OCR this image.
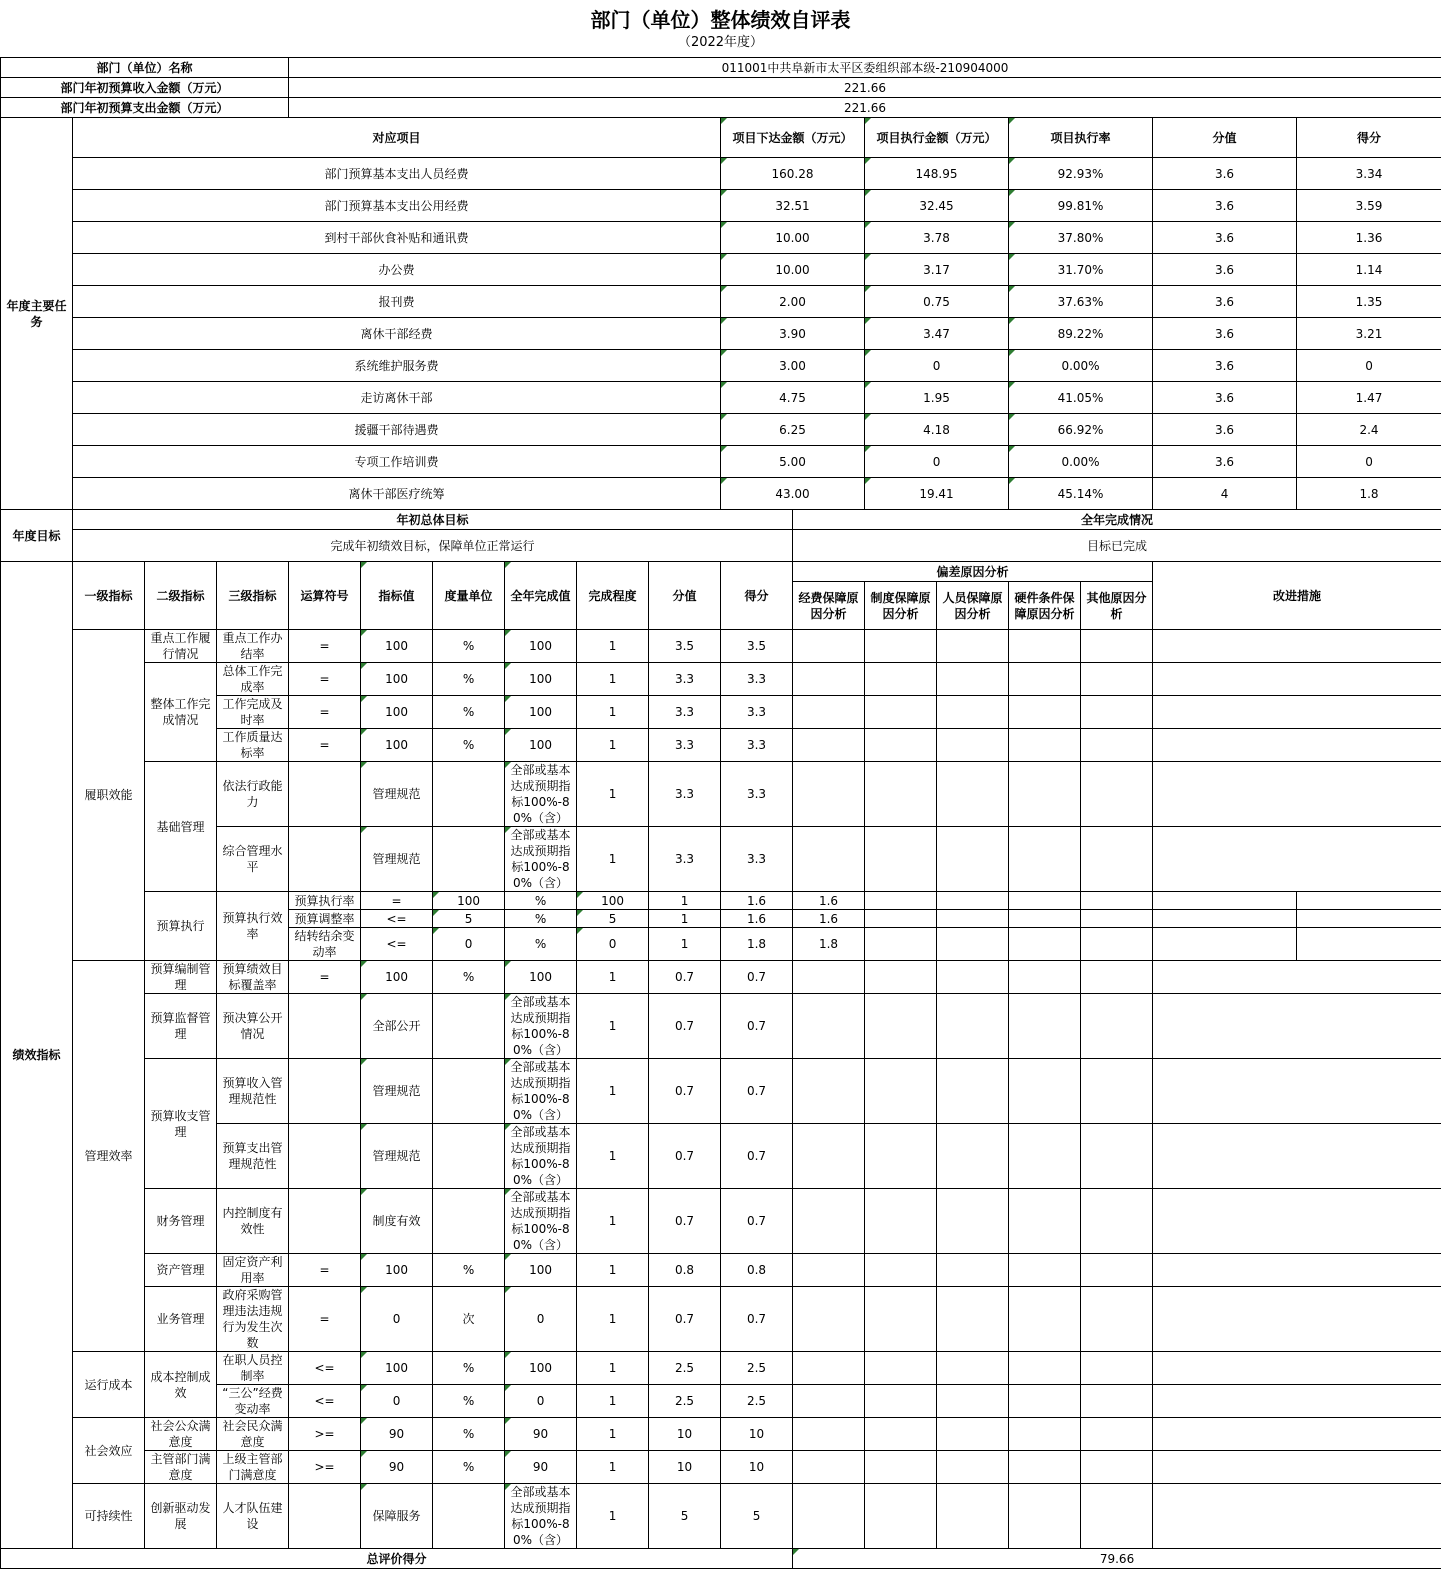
部门（单位）整体绩效自评表
（2022年度）
部门（单位）名称				011001中共阜新市太平区委组织部本级-210904000													
部门年初预算收入金额（万元）				221.66													
部门年初预算支出金额（万元）				221.66													
年度主要任务	对应项目									项目下达金额（万元）		项目执行金额（万元）		项目执行率		分值	得分
	部门预算基本支出人员经费									160.28		148.95		92.93%		3.6	3.34
	部门预算基本支出公用经费									32.51		32.45		99.81%		3.6	3.59
	到村干部伙食补贴和通讯费									10.00		3.78		37.80%		3.6	1.36
	办公费									10.00		3.17		31.70%		3.6	1.14
	报刊费									2.00		0.75		37.63%		3.6	1.35
	离休干部经费									3.90		3.47		89.22%		3.6	3.21
	系统维护服务费									3.00		0		0.00%		3.6	0
	走访离休干部									4.75		1.95		41.05%		3.6	1.47
	援疆干部待遇费									6.25		4.18		66.92%		3.6	2.4
	专项工作培训费									5.00		0		0.00%		3.6	0
	离休干部医疗统筹									43.00		19.41		45.14%		4	1.8
年度目标	年初总体目标										全年完成情况						
	完成年初绩效目标，保障单位正常运行										目标已完成						
绩效指标	一级指标	二级指标	三级指标	运算符号	指标值	度量单位	全年完成值	完成程度	分值	得分	偏差原因分析					改进措施	
											经费保障原因分析	制度保障原因分析	人员保障原因分析	硬件条件保障原因分析	其他原因分析		
	履职效能	重点工作履行情况	重点工作办结率	=	100	%	100	1	3.5	3.5							
		整体工作完成情况	总体工作完成率	=	100	%	100	1	3.3	3.3							
			工作完成及时率	=	100	%	100	1	3.3	3.3							
			工作质量达标率	=	100	%	100	1	3.3	3.3							
		基础管理	依法行政能力		管理规范		全部或基本达成预期指标100%-80%（含）	1	3.3	3.3							
			综合管理水平		管理规范		全部或基本达成预期指标100%-80%（含）	1	3.3	3.3							
		预算执行	预算执行效率	预算执行率	=	100	%	100	1	1.6	1.6						
				预算调整率	<=	5	%	5	1	1.6	1.6						
				结转结余变动率	<=	0	%	0	1	1.8	1.8						
	管理效率	预算编制管理	预算绩效目标覆盖率	=	100	%	100	1	0.7	0.7							
		预算监督管理	预决算公开情况		全部公开		全部或基本达成预期指标100%-80%（含）	1	0.7	0.7							
		预算收支管理	预算收入管理规范性		管理规范		全部或基本达成预期指标100%-80%（含）	1	0.7	0.7							
			预算支出管理规范性		管理规范		全部或基本达成预期指标100%-80%（含）	1	0.7	0.7							
		财务管理	内控制度有效性		制度有效		全部或基本达成预期指标100%-80%（含）	1	0.7	0.7							
		资产管理	固定资产利用率	=	100	%	100	1	0.8	0.8							
		业务管理	政府采购管理违法违规行为发生次数	=	0	次	0	1	0.7	0.7							
	运行成本	成本控制成效	在职人员控制率	<=	100	%	100	1	2.5	2.5							
			“三公”经费变动率	<=	0	%	0	1	2.5	2.5							
	社会效应	社会公众满意度	社会民众满意度	>=	90	%	90	1	10	10							
		主管部门满意度	上级主管部门满意度	>=	90	%	90	1	10	10							
	可持续性	创新驱动发展	人才队伍建设		保障服务		全部或基本达成预期指标100%-80%（含）	1	5	5							
总评价得分											79.66						
